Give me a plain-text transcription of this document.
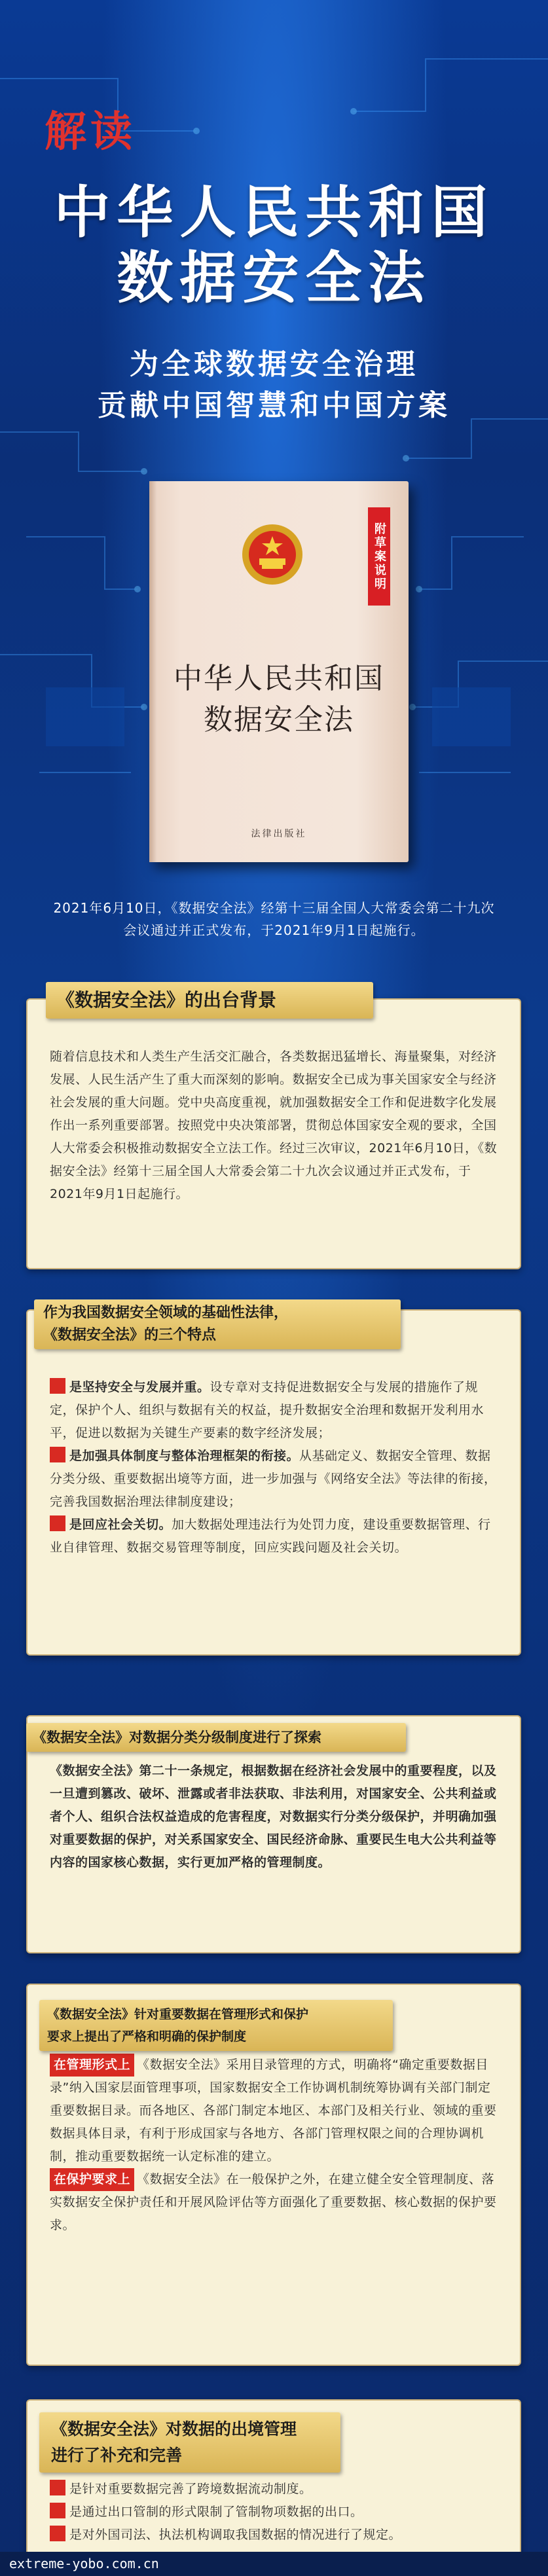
解读
中华人民共和国
数据安全法
为全球数据安全治理
贡献中国智慧和中国方案
附草案说明
中华人民共和国
数据安全法
法律出版社
2021年6月10日，《数据安全法》经第十三届全国人大常委会第二十九次会议通过并正式发布，于2021年9月1日起施行。

随着信息技术和人类生产生活交汇融合，各类数据迅猛增长、海量聚集，对经济发展、人民生活产生了重大而深刻的影响。数据安全已成为事关国家安全与经济社会发展的重大问题。党中央高度重视，就加强数据安全工作和促进数字化发展作出一系列重要部署。按照党中央决策部署，贯彻总体国家安全观的要求，全国人大常委会积极推动数据安全立法工作。经过三次审议，2021年6月10日，《数据安全法》经第十三届全国人大常委会第二十九次会议通过并正式发布，于2021年9月1日起施行。

《数据安全法》的出台背景

是坚持安全与发展并重。设专章对支持促进数据安全与发展的措施作了规定，保护个人、组织与数据有关的权益，提升数据安全治理和数据开发利用水平，促进以数据为关键生产要素的数字经济发展；

是加强具体制度与整体治理框架的衔接。从基础定义、数据安全管理、数据分类分级、重要数据出境等方面，进一步加强与《网络安全法》等法律的衔接，完善我国数据治理法律制度建设；

是回应社会关切。加大数据处理违法行为处罚力度，建设重要数据管理、行业自律管理、数据交易管理等制度，回应实践问题及社会关切。

作为我国数据安全领域的基础性法律，
《数据安全法》的三个特点

《数据安全法》第二十一条规定，根据数据在经济社会发展中的重要程度，以及一旦遭到篡改、破坏、泄露或者非法获取、非法利用，对国家安全、公共利益或者个人、组织合法权益造成的危害程度，对数据实行分类分级保护，并明确加强对重要数据的保护，对关系国家安全、国民经济命脉、重要民生电大公共利益等内容的国家核心数据，实行更加严格的管理制度。

《数据安全法》对数据分类分级制度进行了探索

在管理形式上 《数据安全法》采用目录管理的方式，明确将“确定重要数据目录”纳入国家层面管理事项，国家数据安全工作协调机制统筹协调有关部门制定重要数据目录。而各地区、各部门制定本地区、本部门及相关行业、领域的重要数据具体目录，有利于形成国家与各地方、各部门管理权限之间的合理协调机制，推动重要数据统一认定标准的建立。

在保护要求上 《数据安全法》在一般保护之外，在建立健全安全管理制度、落实数据安全保护责任和开展风险评估等方面强化了重要数据、核心数据的保护要求。

《数据安全法》针对重要数据在管理形式和保护
要求上提出了严格和明确的保护制度

是针对重要数据完善了跨境数据流动制度。

是通过出口管制的形式限制了管制物项数据的出口。

是对外国司法、执法机构调取我国数据的情况进行了规定。

《数据安全法》对数据的出境管理
进行了补充和完善
extreme-yobo.com.cn
